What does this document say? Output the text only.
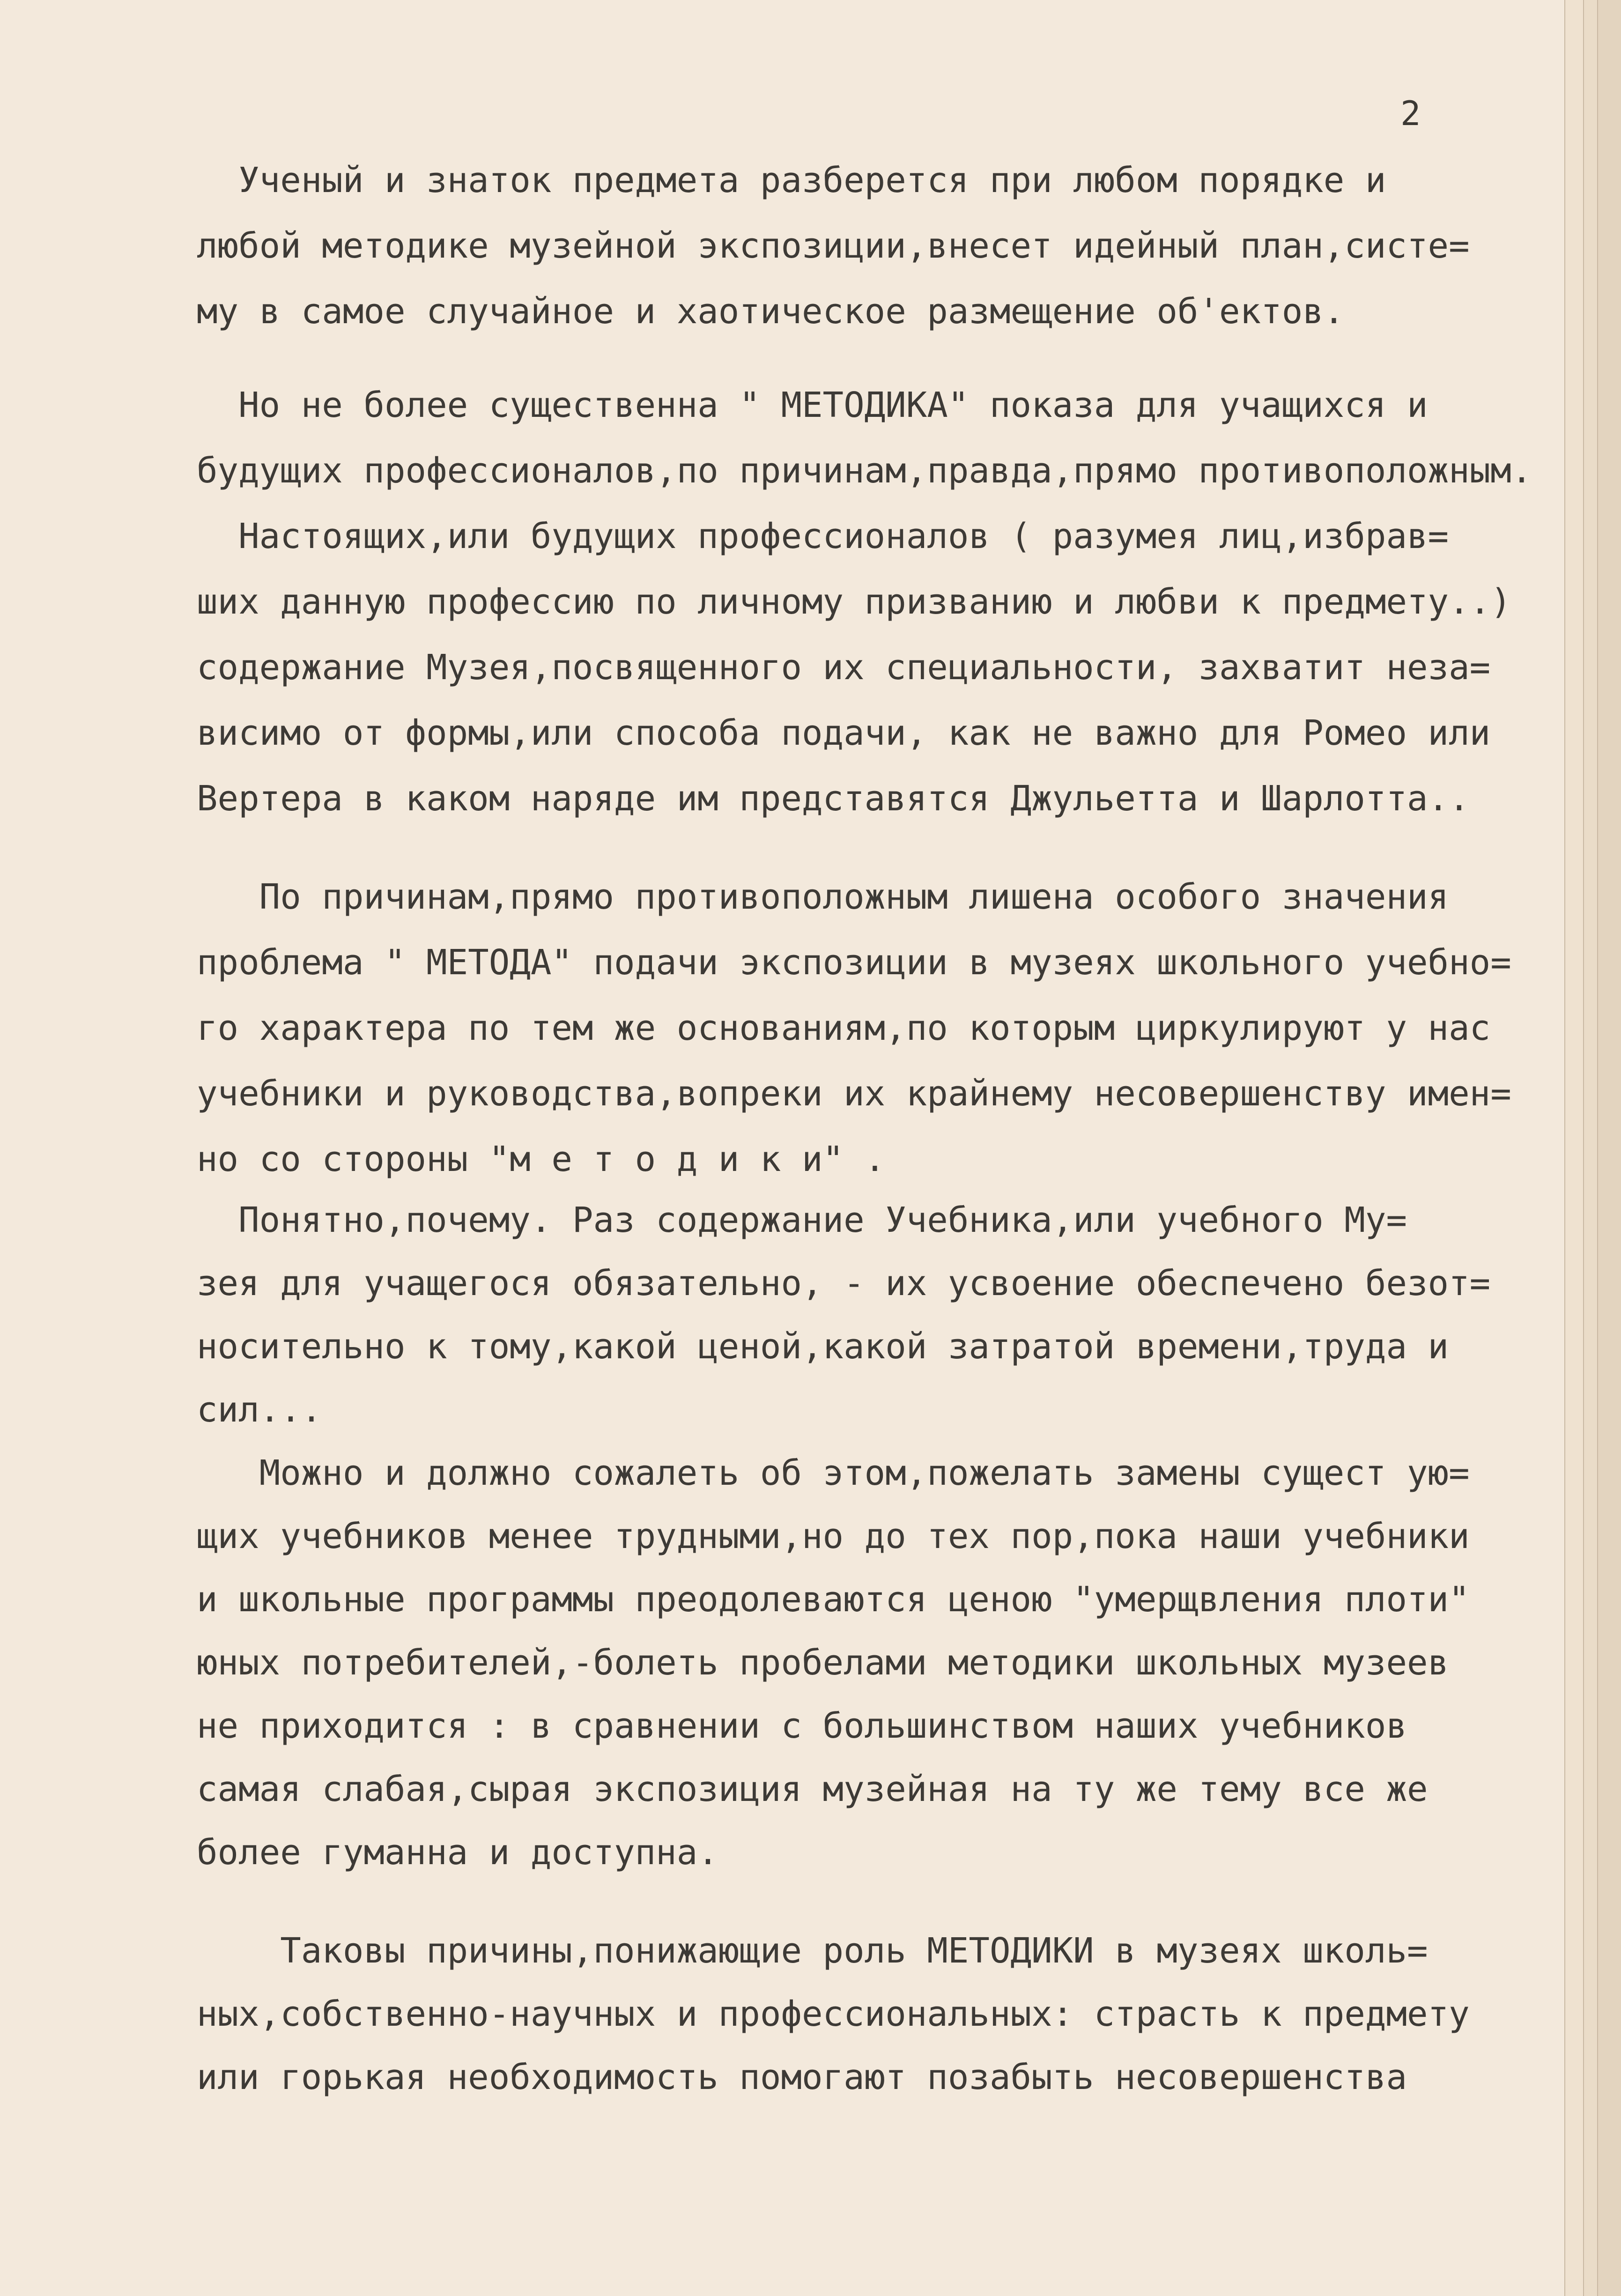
2
Ученый и знаток предмета разберется при любом порядке и
любой методике музейной экспозиции,внесет идейный план,систе=
му в самое случайное и хаотическое размещение об'ектов.
Но не более существенна " МЕТОДИКА" показа для учащихся и
будущих профессионалов,по причинам,правда,прямо противоположным.
Настоящих,или будущих профессионалов ( разумея лиц,избрав=
ших данную профессию по личному призванию и любви к предмету..)
содержание Музея,посвященного их специальности, захватит неза=
висимо от формы,или способа подачи, как не важно для Ромео или
Вертера в каком наряде им представятся Джульетта и Шарлотта..
По причинам,прямо противоположным лишена особого значения
проблема " МЕТОДА" подачи экспозиции в музеях школьного учебно=
го характера по тем же основаниям,по которым циркулируют у нас
учебники и руководства,вопреки их крайнему несовершенству имен=
но со стороны "м е т о д и к и" .
Понятно,почему. Раз содержание Учебника,или учебного Му=
зея для учащегося обязательно, - их усвоение обеспечено безот=
носительно к тому,какой ценой,какой затратой времени,труда и
сил...
Можно и должно сожалеть об этом,пожелать замены сущест ую=
щих учебников менее трудными,но до тех пор,пока наши учебники
и школьные программы преодолеваются ценою "умерщвления плоти"
юных потребителей,-болеть пробелами методики школьных музеев
не приходится : в сравнении с большинством наших учебников
самая слабая,сырая экспозиция музейная на ту же тему все же
более гуманна и доступна.
Таковы причины,понижающие роль МЕТОДИКИ в музеях школь=
ных,собственно-научных и профессиональных: страсть к предмету
или горькая необходимость помогают позабыть несовершенства
